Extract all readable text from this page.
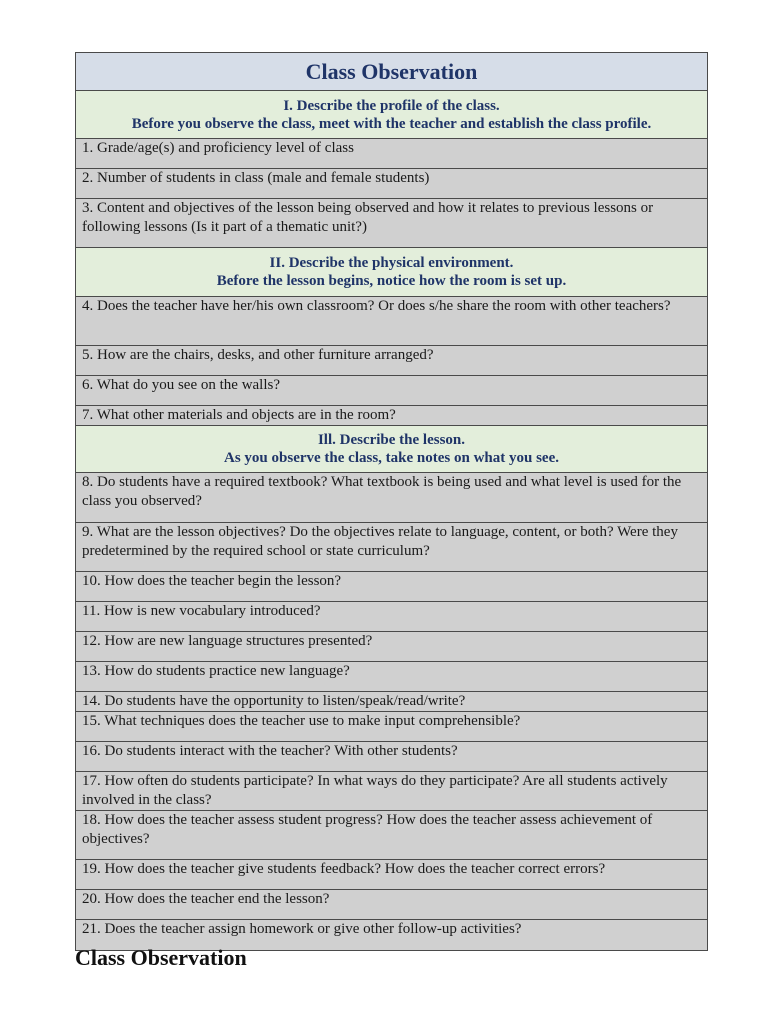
Class Observation

I. Describe the profile of the class.
Before you observe the class, meet with the teacher and establish the class profile.

1. Grade/age(s) and proficiency level of class
2. Number of students in class (male and female students)
3. Content and objectives of the lesson being observed and how it relates to previous lessons or following lessons (Is it part of a thematic unit?)

II. Describe the physical environment.
Before the lesson begins, notice how the room is set up.

4. Does the teacher have her/his own classroom? Or does s/he share the room with other teachers?
5. How are the chairs, desks, and other furniture arranged?
6. What do you see on the walls?
7. What other materials and objects are in the room?

Ill. Describe the lesson.
As you observe the class, take notes on what you see.

8. Do students have a required textbook? What textbook is being used and what level is used for the class you observed?
9. What are the lesson objectives? Do the objectives relate to language, content, or both? Were they predetermined by the required school or state curriculum?
10. How does the teacher begin the lesson?
11. How is new vocabulary introduced?
12. How are new language structures presented?
13. How do students practice new language?
14. Do students have the opportunity to listen/speak/read/write?
15. What techniques does the teacher use to make input comprehensible?
16. Do students interact with the teacher? With other students?
17. How often do students participate? In what ways do they participate? Are all students actively involved in the class?
18. How does the teacher assess student progress? How does the teacher assess achievement of objectives?
19. How does the teacher give students feedback? How does the teacher correct errors?
20. How does the teacher end the lesson?
21. Does the teacher assign homework or give other follow-up activities?
Class Observation
